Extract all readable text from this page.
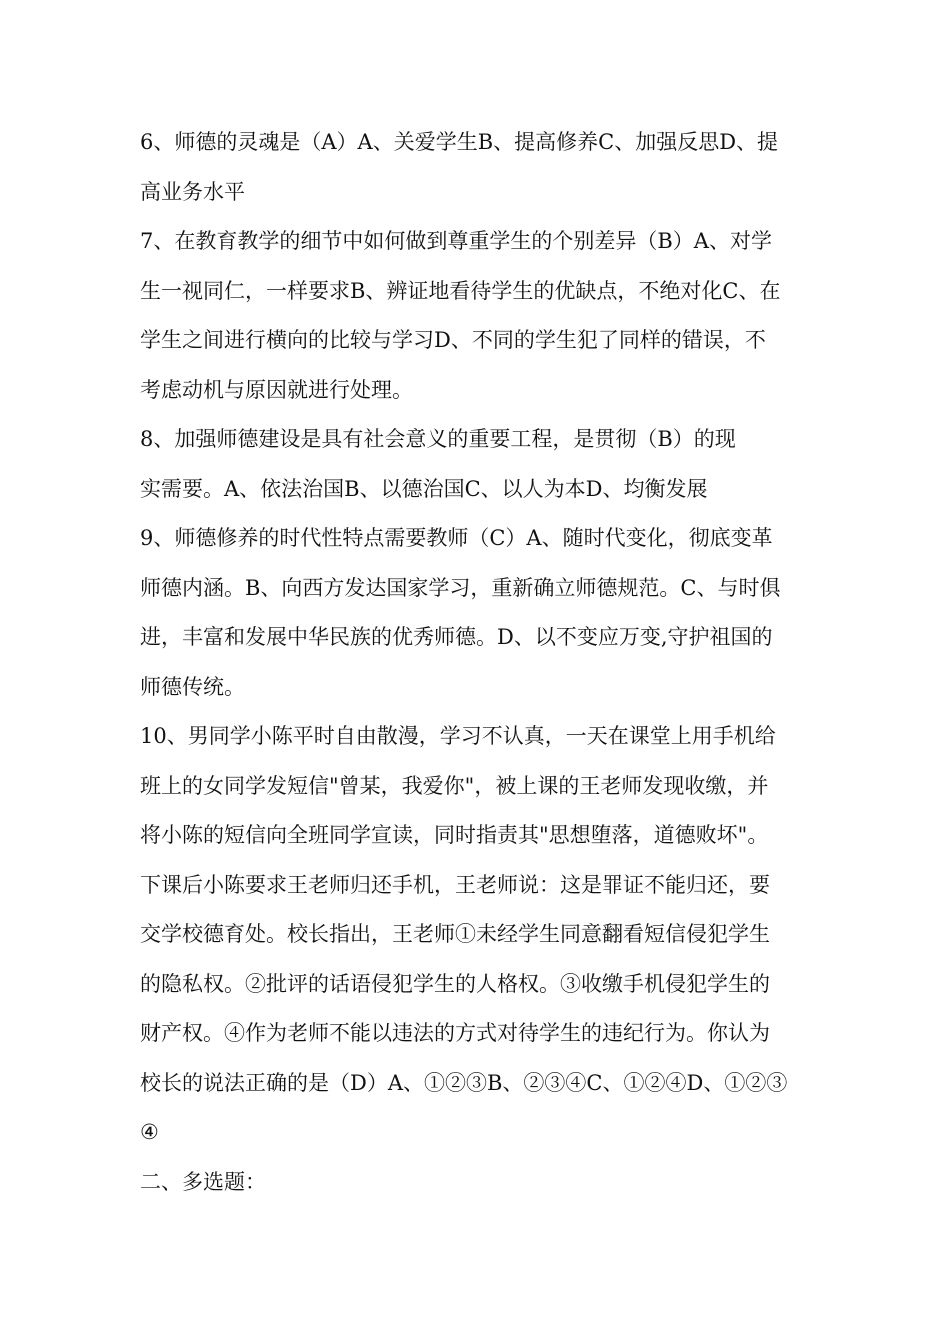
6、师德的灵魂是（A）A、关爱学生B、提高修养C、加强反思D、提
高业务水平
7、在教育教学的细节中如何做到尊重学生的个别差异（B）A、对学
生一视同仁，一样要求B、辨证地看待学生的优缺点，不绝对化C、在
学生之间进行横向的比较与学习D、不同的学生犯了同样的错误，不
考虑动机与原因就进行处理。
8、加强师德建设是具有社会意义的重要工程，是贯彻（B）的现
实需要。A、依法治国B、以德治国C、以人为本D、均衡发展
9、师德修养的时代性特点需要教师（C）A、随时代变化，彻底变革
师德内涵。B、向西方发达国家学习，重新确立师德规范。C、与时俱
进，丰富和发展中华民族的优秀师德。D、以不变应万变,守护祖国的
师德传统。
10、男同学小陈平时自由散漫，学习不认真，一天在课堂上用手机给
班上的女同学发短信"曾某，我爱你"，被上课的王老师发现收缴，并
将小陈的短信向全班同学宣读，同时指责其"思想堕落，道德败坏"。
下课后小陈要求王老师归还手机，王老师说：这是罪证不能归还，要
交学校德育处。校长指出，王老师①未经学生同意翻看短信侵犯学生
的隐私权。②批评的话语侵犯学生的人格权。③收缴手机侵犯学生的
财产权。④作为老师不能以违法的方式对待学生的违纪行为。你认为
校长的说法正确的是（D）A、①②③B、②③④C、①②④D、①②③
④
二、多选题：
